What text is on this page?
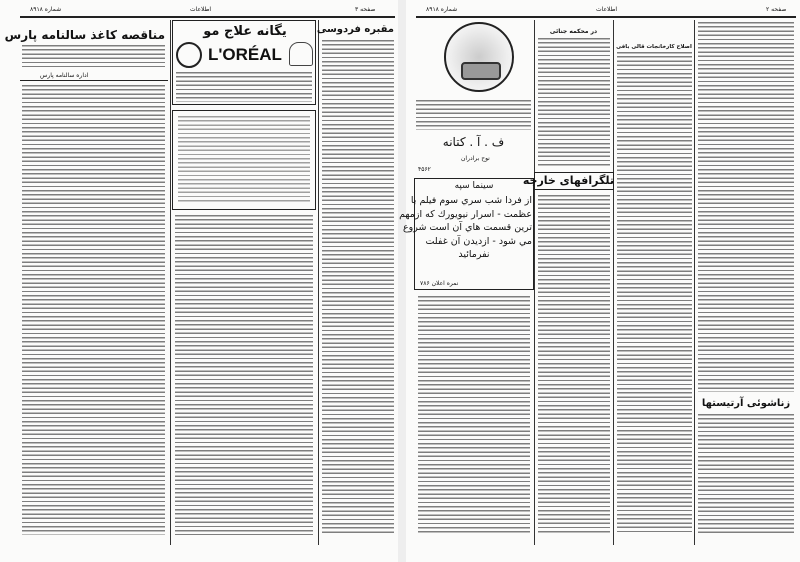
شماره ۸۹۱۸	اطلاعات	صفحه ۳
مناقصه کاغذ سالنامه پارس
اداره سالنامه پارس
یگانه علاج مو
L'ORÉAL
مقبره فردوسی
شماره ۸۹۱۸	اطلاعات	صفحه ۲
ف . آ . کتانه
نوح برادران
۴۵۶۲
سینما سپه
از فردا شب سري سوم فيلم با
عظمت - اسرار نيويورك كه ازمهم
ترين قسمت هاي آن است شروع
مي شود - ازديدن آن غفلت
نفرمائيد
نمره اعلان ۷۸۶
در محکمه جنائی
تلگرافهای خارجه
اصلاح کارخانجات قالی بافی
زناشوئی آرتیستها
